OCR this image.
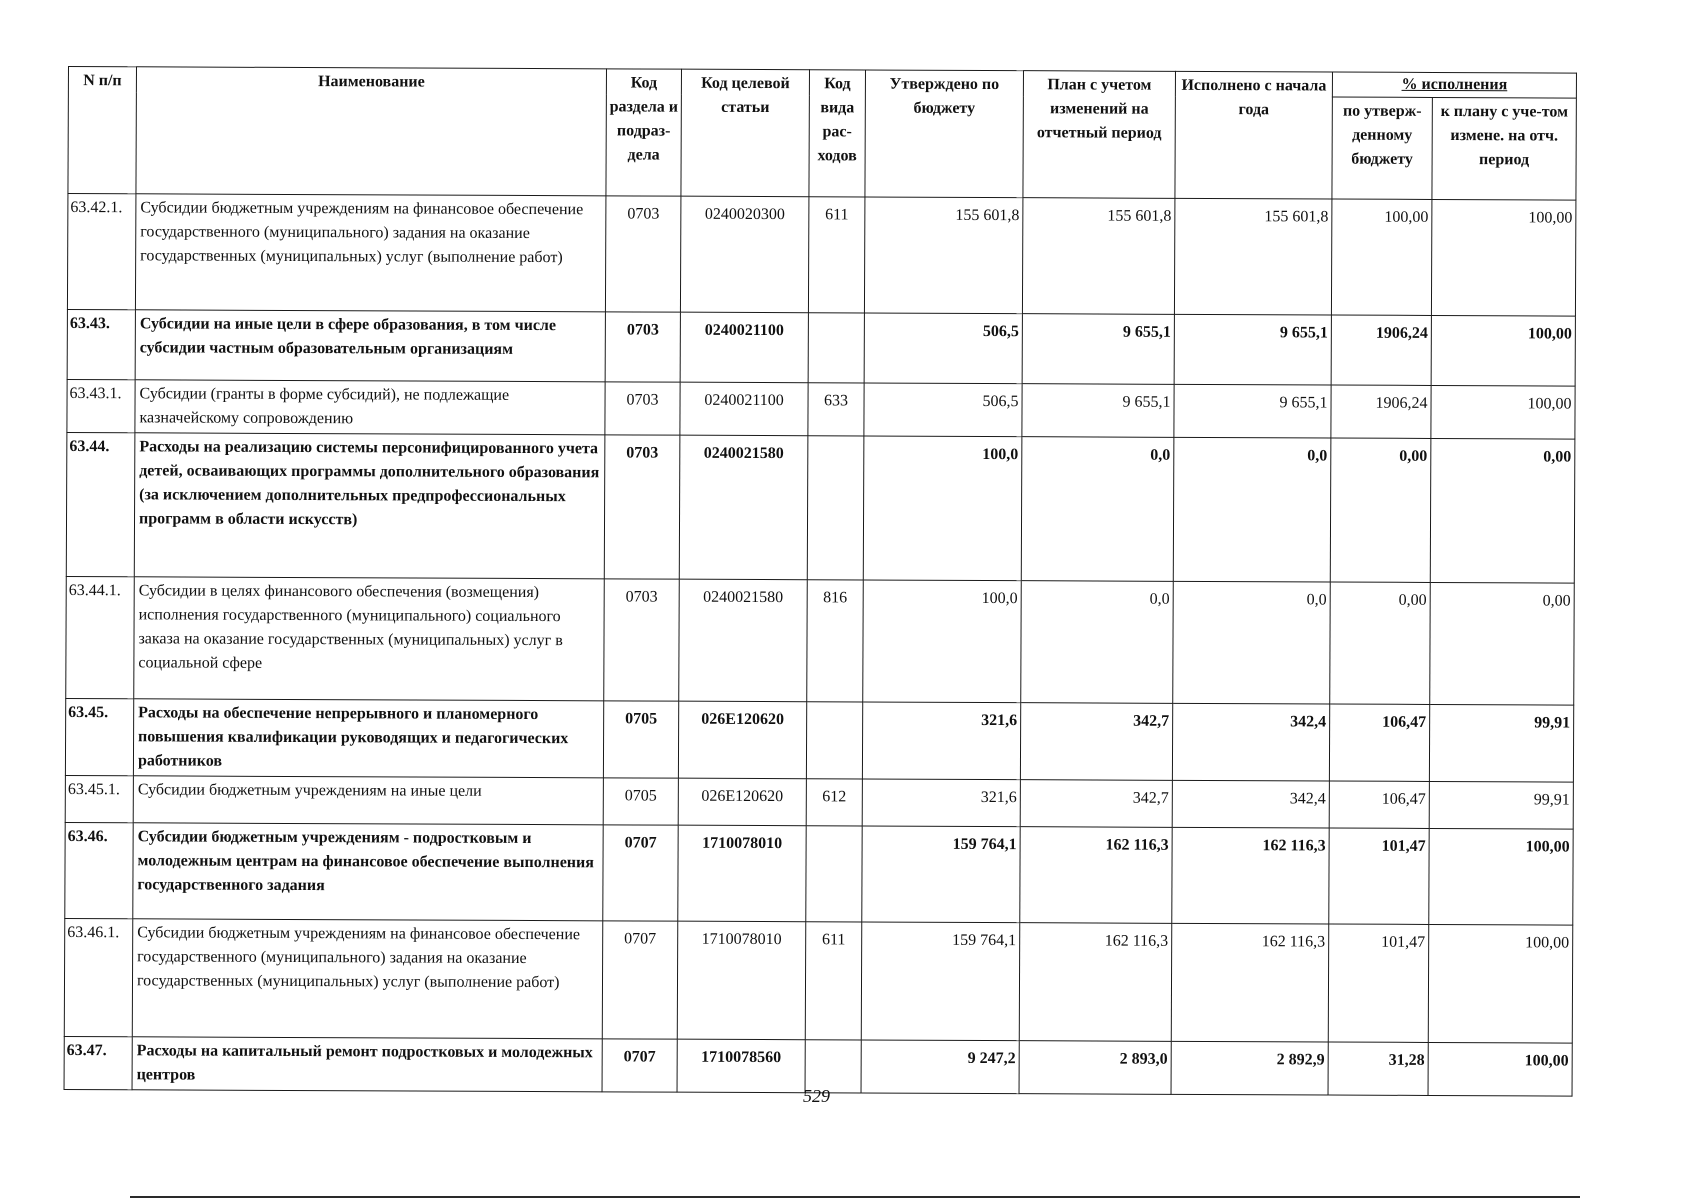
N п/п	Наименование	Код раздела и подраз-дела	Код целевой статьи	Код вида рас-ходов	Утверждено по бюджету	План с учетом изменений на отчетный период	Исполнено с начала года	% исполнения	
								по утверж-денному бюджету	к плану с уче-том измене. на отч. период
63.42.1.	Субсидии бюджетным учреждениям на финансовое обеспечение государственного (муниципального) задания на оказание государственных (муниципальных) услуг (выполнение работ)	0703	0240020300	611	155 601,8	155 601,8	155 601,8	100,00	100,00
63.43.	Субсидии на иные цели в сфере образования, в том числе субсидии частным образовательным организациям	0703	0240021100		506,5	9 655,1	9 655,1	1906,24	100,00
63.43.1.	Субсидии (гранты в форме субсидий), не подлежащие казначейскому сопровождению	0703	0240021100	633	506,5	9 655,1	9 655,1	1906,24	100,00
63.44.	Расходы на реализацию системы персонифицированного учета детей, осваивающих программы дополнительного образования (за исключением дополнительных предпрофессиональных программ в области искусств)	0703	0240021580		100,0	0,0	0,0	0,00	0,00
63.44.1.	Субсидии в целях финансового обеспечения (возмещения) исполнения государственного (муниципального) социального заказа на оказание государственных (муниципальных) услуг в социальной сфере	0703	0240021580	816	100,0	0,0	0,0	0,00	0,00
63.45.	Расходы на обеспечение непрерывного и планомерного повышения квалификации руководящих и педагогических работников	0705	026E120620		321,6	342,7	342,4	106,47	99,91
63.45.1.	Субсидии бюджетным учреждениям на иные цели	0705	026E120620	612	321,6	342,7	342,4	106,47	99,91
63.46.	Субсидии бюджетным учреждениям - подростковым и молодежным центрам на финансовое обеспечение выполнения государственного задания	0707	1710078010		159 764,1	162 116,3	162 116,3	101,47	100,00
63.46.1.	Субсидии бюджетным учреждениям на финансовое обеспечение государственного (муниципального) задания на оказание государственных (муниципальных) услуг (выполнение работ)	0707	1710078010	611	159 764,1	162 116,3	162 116,3	101,47	100,00
63.47.	Расходы на капитальный ремонт подростковых и молодежных центров	0707	1710078560		9 247,2	2 893,0	2 892,9	31,28	100,00
529
